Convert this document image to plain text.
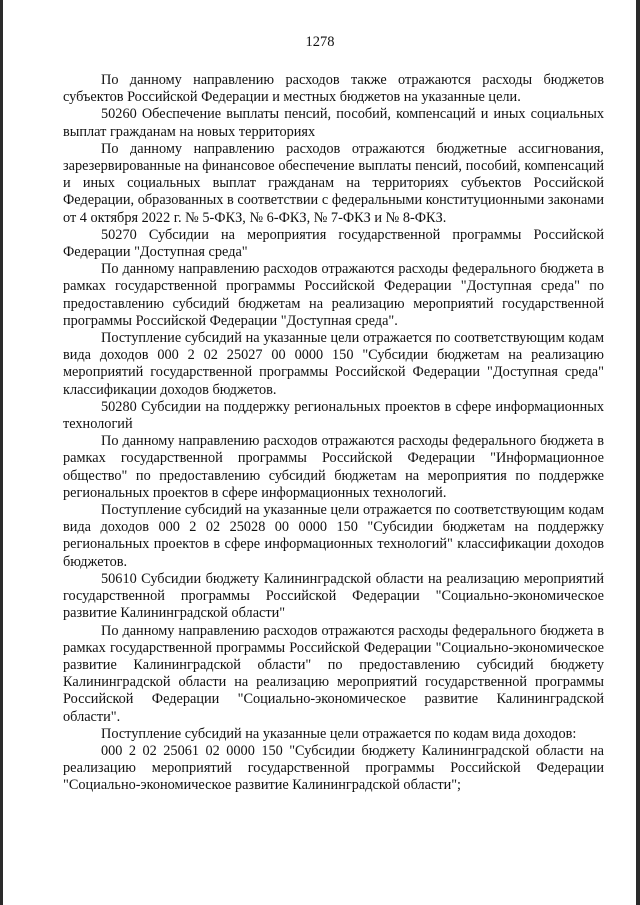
1278

По данному направлению расходов также отражаются расходы бюджетов субъектов Российской Федерации и местных бюджетов на указанные цели.

50260 Обеспечение выплаты пенсий, пособий, компенсаций и иных социальных выплат гражданам на новых территориях

По данному направлению расходов отражаются бюджетные ассигнования, зарезервированные на финансовое обеспечение выплаты пенсий, пособий, компенсаций и иных социальных выплат гражданам на территориях субъектов Российской Федерации, образованных в соответствии с федеральными конституционными законами от 4 октября 2022 г. № 5-ФКЗ, № 6-ФКЗ, № 7-ФКЗ и № 8-ФКЗ.

50270 Субсидии на мероприятия государственной программы Российской Федерации "Доступная среда"

По данному направлению расходов отражаются расходы федерального бюджета в рамках государственной программы Российской Федерации "Доступная среда" по предоставлению субсидий бюджетам на реализацию мероприятий государственной программы Российской Федерации "Доступная среда".

Поступление субсидий на указанные цели отражается по соответствующим кодам вида доходов 000 2 02 25027 00 0000 150 "Субсидии бюджетам на реализацию мероприятий государственной программы Российской Федерации "Доступная среда" классификации доходов бюджетов.

50280 Субсидии на поддержку региональных проектов в сфере информационных технологий

По данному направлению расходов отражаются расходы федерального бюджета в рамках государственной программы Российской Федерации "Информационное общество" по предоставлению субсидий бюджетам на мероприятия по поддержке региональных проектов в сфере информационных технологий.

Поступление субсидий на указанные цели отражается по соответствующим кодам вида доходов 000 2 02 25028 00 0000 150 "Субсидии бюджетам на поддержку региональных проектов в сфере информационных технологий" классификации доходов бюджетов.

50610 Субсидии бюджету Калининградской области на реализацию мероприятий государственной программы Российской Федерации "Социально-экономическое развитие Калининградской области"

По данному направлению расходов отражаются расходы федерального бюджета в рамках государственной программы Российской Федерации "Социально-экономическое развитие Калининградской области" по предоставлению субсидий бюджету Калининградской области на реализацию мероприятий государственной программы Российской Федерации "Социально-экономическое развитие Калининградской области".

Поступление субсидий на указанные цели отражается по кодам вида доходов:

000 2 02 25061 02 0000 150 "Субсидии бюджету Калининградской области на реализацию мероприятий государственной программы Российской Федерации "Социально-экономическое развитие Калининградской области";
